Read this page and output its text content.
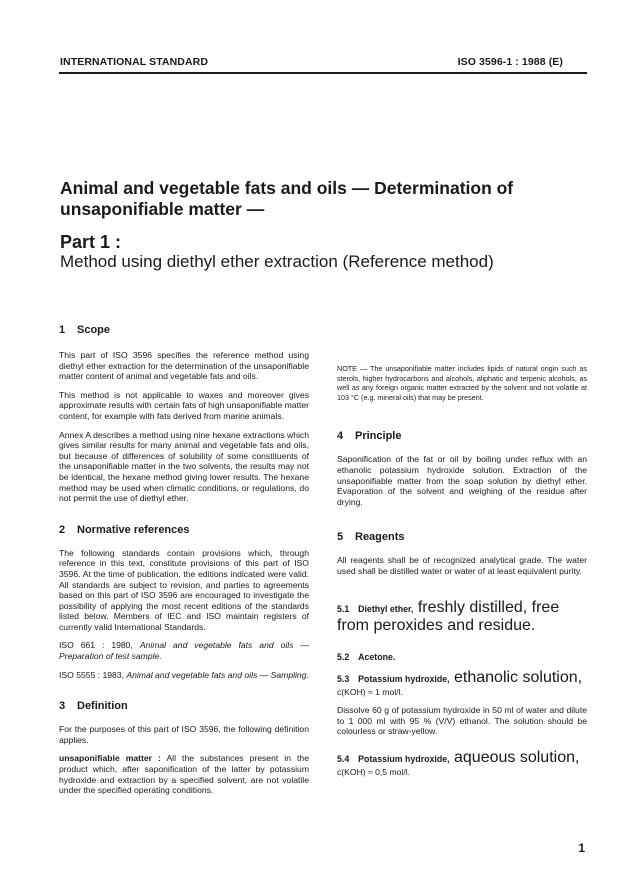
INTERNATIONAL STANDARD	ISO 3596-1 : 1988 (E)
Animal and vegetable fats and oils — Determination of unsaponifiable matter —
Part 1 :
Method using diethyl ether extraction (Reference method)
1 Scope

This part of ISO 3596 specifies the reference method using diethyl ether extraction for the determination of the unsaponifiable matter content of animal and vegetable fats and oils.

This method is not applicable to waxes and moreover gives approximate results with certain fats of high unsaponifiable matter content, for example with fats derived from marine animals.

Annex A describes a method using nine hexane extractions which gives similar results for many animal and vegetable fats and oils, but because of differences of solubility of some constituents of the unsaponifiable matter in the two solvents, the results may not be identical, the hexane method giving lower results. The hexane method may be used when climatic conditions, or regulations, do not permit the use of diethyl ether.

2 Normative references

The following standards contain provisions which, through reference in this text, constitute provisions of this part of ISO 3596. At the time of publication, the editions indicated were valid. All standards are subject to revision, and parties to agreements based on this part of ISO 3596 are encouraged to investigate the possibility of applying the most recent editions of the standards listed below. Members of IEC and ISO maintain registers of currently valid International Standards.

ISO 661 : 1980, Animal and vegetable fats and oils — Preparation of test sample.

ISO 5555 : 1983, Animal and vegetable fats and oils — Sampling.

3 Definition

For the purposes of this part of ISO 3596, the following definition applies.

unsaponifiable matter : All the substances present in the product which, after saponification of the latter by potassium hydroxide and extraction by a specified solvent, are not volatile under the specified operating conditions.

NOTE — The unsaponifiable matter includes lipids of natural origin such as sterols, higher hydrocarbons and alcohols, aliphatic and terpenic alcohols, as well as any foreign organic matter extracted by the solvent and not volatile at 103 °C (e.g. mineral oils) that may be present.

4 Principle

Saponification of the fat or oil by boiling under reflux with an ethanolic potassium hydroxide solution. Extraction of the unsaponifiable matter from the soap solution by diethyl ether. Evaporation of the solvent and weighing of the residue after drying.

5 Reagents

All reagents shall be of recognized analytical grade. The water used shall be distilled water or water of at least equivalent purity.

5.1 Diethyl ether, freshly distilled, free from peroxides and residue.

5.2 Acetone.

5.3 Potassium hydroxide, ethanolic solution,

c(KOH) ≈ 1 mol/l.

Dissolve 60 g of potassium hydroxide in 50 ml of water and dilute to 1 000 ml with 95 % (V/V) ethanol. The solution should be colourless or straw-yellow.

5.4 Potassium hydroxide, aqueous solution,

c(KOH) ≈ 0,5 mol/l.

1
